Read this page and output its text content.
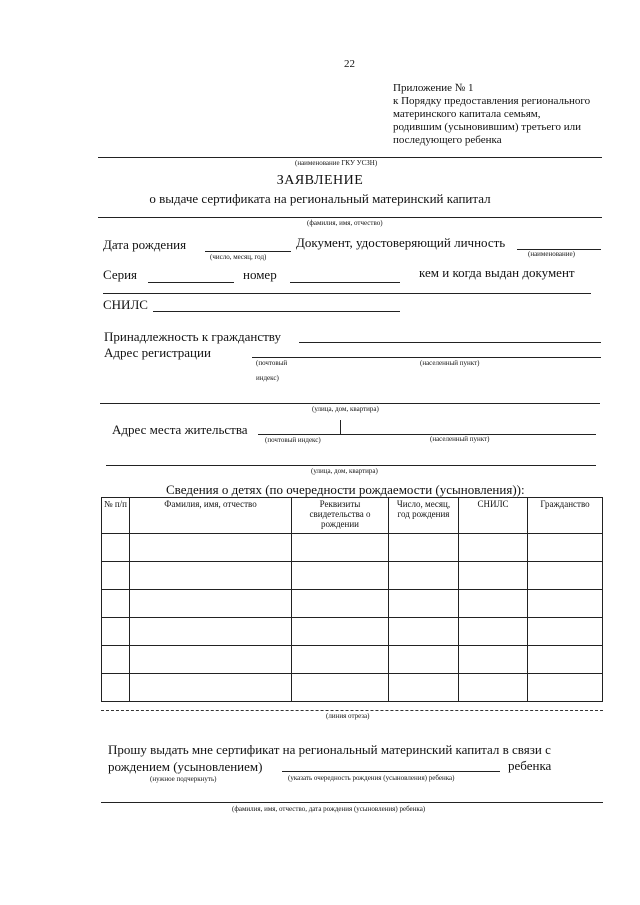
22
Приложение № 1
к Порядку предоставления регионального
материнского капитала семьям,
родившим (усыновившим) третьего или
последующего ребенка
(наименование ГКУ УСЗН)
ЗАЯВЛЕНИЕ
о выдаче сертификата на региональный материнский капитал
(фамилия, имя, отчество)
Дата рождения
(число, месяц, год)
Документ, удостоверяющий личность
(наименование)
Серия	номер	кем и когда выдан документ
СНИЛС
Принадлежность к гражданству
Адрес регистрации
(почтовый
индекс)
(населенный пункт)
(улица, дом, квартира)
Адрес места жительства
(почтовый индекс)	(населенный пункт)
(улица, дом, квартира)
Сведения о детях (по очередности рождаемости (усыновления)):
№ п/п	Фамилия, имя, отчество	Реквизиты свидетельства о рождении	Число, месяц, год рождения	СНИЛС	Гражданство

(линия отреза)
Прошу выдать мне сертификат на региональный материнский капитал в связи с
рождением (усыновлением)	ребенка
(нужное подчеркнуть)	(указать очередность рождения (усыновления) ребенка)
(фамилия, имя, отчество, дата рождения (усыновления) ребенка)
